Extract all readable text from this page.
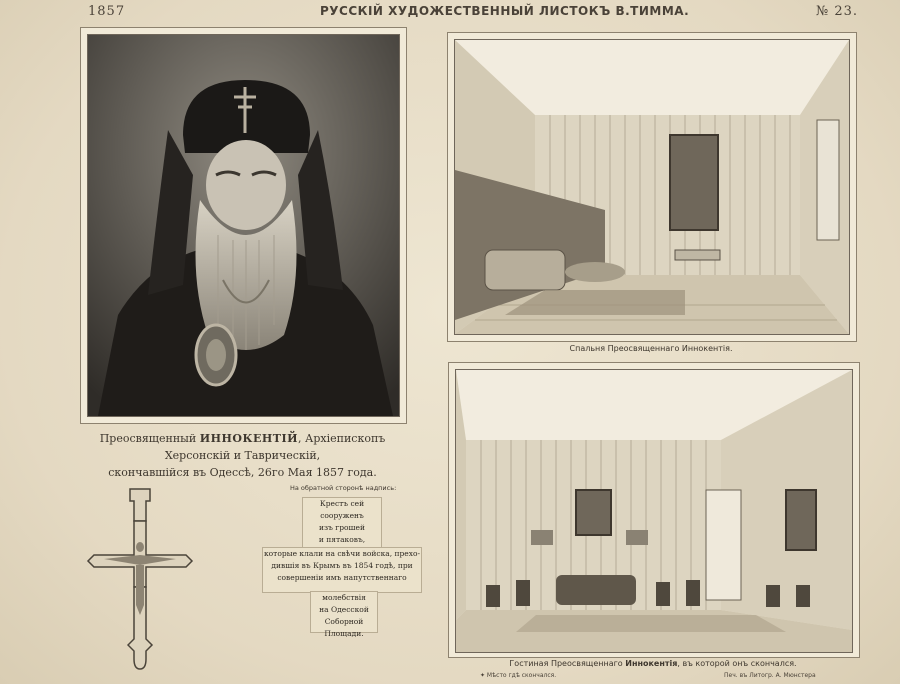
1857	РУССКIЙ ХУДОЖЕСТВЕННЫЙ ЛИСТОКЪ В.ТИММА.	№ 23.
Преосвященный ИННОКЕНТIЙ, Архiепископъ Херсонскiй и Таврическiй,
скончавшiйся въ Одессѣ, 26го Мая 1857 года.
Спальня Преосвященнаго Иннокентiя.
Гостиная Преосвященнаго Иннокентiя, въ которой онъ скончался.
✦ Мѣсто гдѣ скончался.	Печ. въ Литогр. А. Мюнстера
На обратной сторонѣ надпись:
Крестъ сей
сооруженъ
изъ грошей
и пятаковъ,
которые клали на свѣчи войска, прехо-
дившiя въ Крымъ въ 1854 годѣ, при
совершенiи имъ напутственнаго
молебствiя
на Одесской
Соборной
Площади.
